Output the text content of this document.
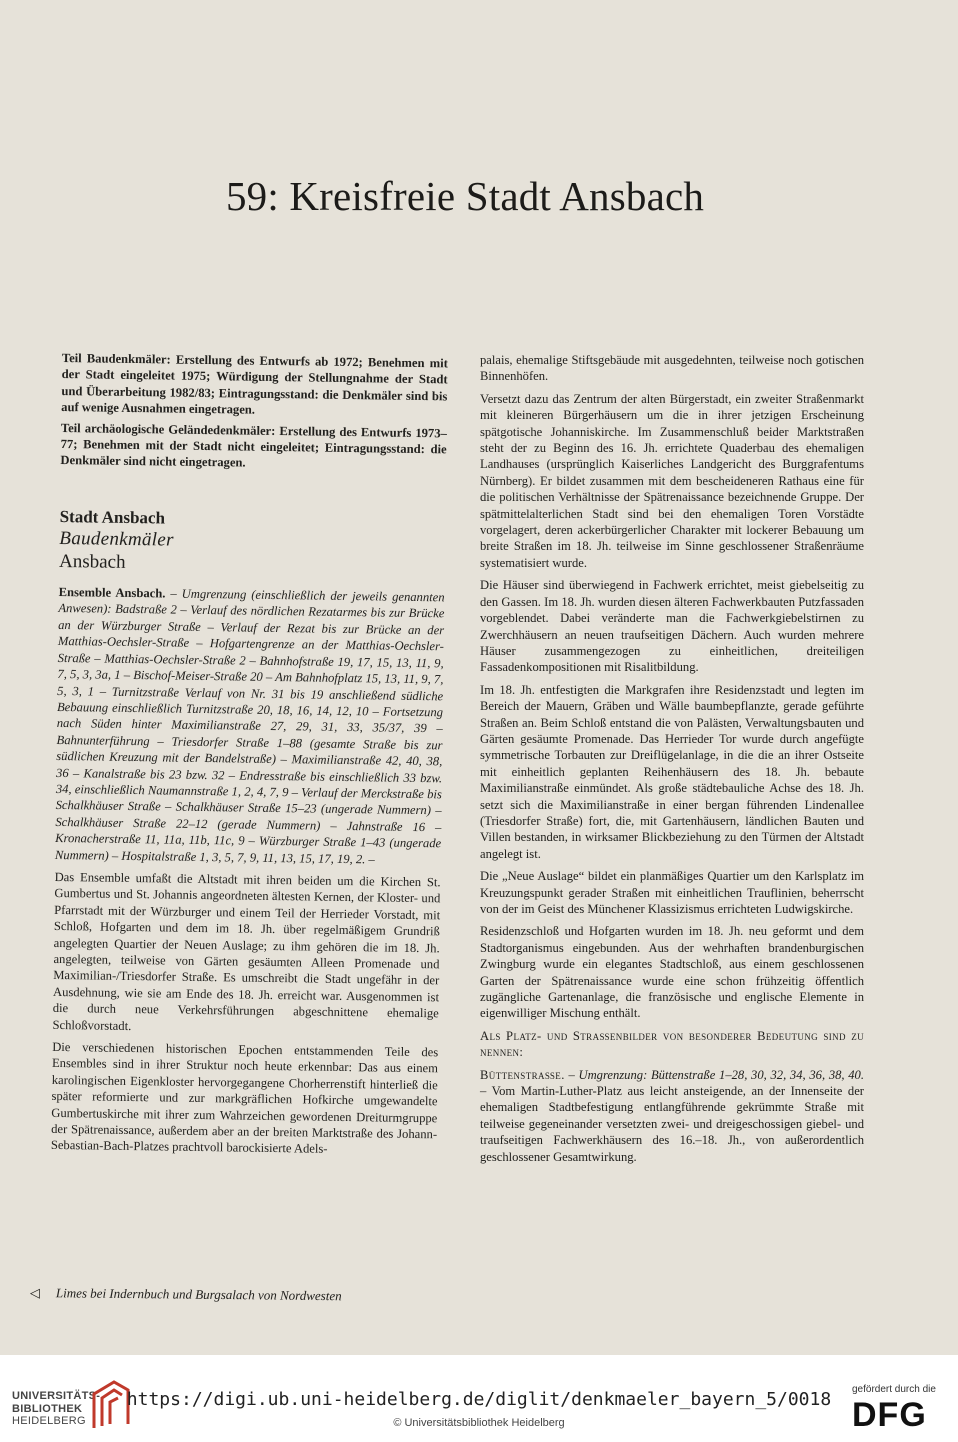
59: Kreisfreie Stadt Ansbach

Teil Baudenkmäler: Erstellung des Entwurfs ab 1972; Benehmen mit der Stadt eingeleitet 1975; Würdigung der Stellungnahme der Stadt und Überarbeitung 1982/83; Eintragungsstand: die Denkmäler sind bis auf wenige Ausnahmen eingetragen.

Teil archäologische Geländedenkmäler: Erstellung des Entwurfs 1973–77; Benehmen mit der Stadt nicht eingeleitet; Eintragungsstand: die Denkmäler sind nicht eingetragen.

Stadt Ansbach
Baudenkmäler
Ansbach

Ensemble Ansbach. – Umgrenzung (einschließlich der jeweils genannten Anwesen): Badstraße 2 – Verlauf des nördlichen Rezatarmes bis zur Brücke an der Würzburger Straße – Verlauf der Rezat bis zur Brücke an der Matthias-Oechsler-Straße – Hofgartengrenze an der Matthias-Oechsler-Straße – Matthias-Oechsler-Straße 2 – Bahnhofstraße 19, 17, 15, 13, 11, 9, 7, 5, 3, 3a, 1 – Bischof-Meiser-Straße 20 – Am Bahnhofplatz 15, 13, 11, 9, 7, 5, 3, 1 – Turnitzstraße Verlauf von Nr. 31 bis 19 anschließend südliche Bebauung einschließlich Turnitzstraße 20, 18, 16, 14, 12, 10 – Fortsetzung nach Süden hinter Maximilianstraße 27, 29, 31, 33, 35/37, 39 – Bahnunterführung – Triesdorfer Straße 1–88 (gesamte Straße bis zur südlichen Kreuzung mit der Bandelstraße) – Maximilianstraße 42, 40, 38, 36 – Kanalstraße bis 23 bzw. 32 – Endresstraße bis einschließlich 33 bzw. 34, einschließlich Naumannstraße 1, 2, 4, 7, 9 – Verlauf der Merckstraße bis Schalkhäuser Straße – Schalkhäuser Straße 15–23 (ungerade Nummern) – Schalkhäuser Straße 22–12 (gerade Nummern) – Jahnstraße 16 – Kronacherstraße 11, 11a, 11b, 11c, 9 – Würzburger Straße 1–43 (ungerade Nummern) – Hospitalstraße 1, 3, 5, 7, 9, 11, 13, 15, 17, 19, 2. –

Das Ensemble umfaßt die Altstadt mit ihren beiden um die Kirchen St. Gumbertus und St. Johannis angeordneten ältesten Kernen, der Kloster- und Pfarrstadt mit der Würzburger und einem Teil der Herrieder Vorstadt, mit Schloß, Hofgarten und dem im 18. Jh. über regelmäßigem Grundriß angelegten Quartier der Neuen Auslage; zu ihm gehören die im 18. Jh. angelegten, teilweise von Gärten gesäumten Alleen Promenade und Maximilian-/Triesdorfer Straße. Es umschreibt die Stadt ungefähr in der Ausdehnung, wie sie am Ende des 18. Jh. erreicht war. Ausgenommen ist die durch neue Verkehrsführungen abgeschnittene ehemalige Schloßvorstadt.

Die verschiedenen historischen Epochen entstammenden Teile des Ensembles sind in ihrer Struktur noch heute erkennbar: Das aus einem karolingischen Eigenkloster hervorgegangene Chorherrenstift hinterließ die später reformierte und zur markgräflichen Hofkirche umgewandelte Gumbertuskirche mit ihrer zum Wahrzeichen gewordenen Dreiturmgruppe der Spätrenaissance, außerdem aber an der breiten Marktstraße des Johann-Sebastian-Bach-Platzes prachtvoll barockisierte Adels-

palais, ehemalige Stiftsgebäude mit ausgedehnten, teilweise noch gotischen Binnenhöfen.

Versetzt dazu das Zentrum der alten Bürgerstadt, ein zweiter Straßenmarkt mit kleineren Bürgerhäusern um die in ihrer jetzigen Erscheinung spätgotische Johanniskirche. Im Zusammenschluß beider Marktstraßen steht der zu Beginn des 16. Jh. errichtete Quaderbau des ehemaligen Landhauses (ursprünglich Kaiserliches Landgericht des Burggrafentums Nürnberg). Er bildet zusammen mit dem bescheideneren Rathaus eine für die politischen Verhältnisse der Spätrenaissance bezeichnende Gruppe. Der spätmittelalterlichen Stadt sind bei den ehemaligen Toren Vorstädte vorgelagert, deren ackerbürgerlicher Charakter mit lockerer Bebauung um breite Straßen im 18. Jh. teilweise im Sinne geschlossener Straßenräume systematisiert wurde.

Die Häuser sind überwiegend in Fachwerk errichtet, meist giebelseitig zu den Gassen. Im 18. Jh. wurden diesen älteren Fachwerkbauten Putzfassaden vorgeblendet. Dabei veränderte man die Fachwerkgiebelstirnen zu Zwerchhäusern an neuen traufseitigen Dächern. Auch wurden mehrere Häuser zusammengezogen zu einheitlichen, dreiteiligen Fassadenkompositionen mit Risalitbildung.

Im 18. Jh. entfestigten die Markgrafen ihre Residenzstadt und legten im Bereich der Mauern, Gräben und Wälle baumbepflanzte, gerade geführte Straßen an. Beim Schloß entstand die von Palästen, Verwaltungsbauten und Gärten gesäumte Promenade. Das Herrieder Tor wurde durch angefügte symmetrische Torbauten zur Dreiflügelanlage, in die die an ihrer Ostseite mit einheitlich geplanten Reihenhäusern des 18. Jh. bebaute Maximilianstraße einmündet. Als große städtebauliche Achse des 18. Jh. setzt sich die Maximilianstraße in einer bergan führenden Lindenallee (Triesdorfer Straße) fort, die, mit Gartenhäusern, ländlichen Bauten und Villen bestanden, in wirksamer Blickbeziehung zu den Türmen der Altstadt angelegt ist.

Die „Neue Auslage“ bildet ein planmäßiges Quartier um den Karlsplatz im Kreuzungspunkt gerader Straßen mit einheitlichen Trauflinien, beherrscht von der im Geist des Münchener Klassizismus errichteten Ludwigskirche.

Residenzschloß und Hofgarten wurden im 18. Jh. neu geformt und dem Stadtorganismus eingebunden. Aus der wehrhaften brandenburgischen Zwingburg wurde ein elegantes Stadtschloß, aus einem geschlossenen Garten der Spätrenaissance wurde eine schon frühzeitig öffentlich zugängliche Gartenanlage, die französische und englische Elemente in eigenwilliger Mischung enthält.

Als Platz- und Straßenbilder von besonderer Bedeutung sind zu nennen:

Büttenstraße. – Umgrenzung: Büttenstraße 1–28, 30, 32, 34, 36, 38, 40. – Vom Martin-Luther-Platz aus leicht ansteigende, an der Innenseite der ehemaligen Stadtbefestigung entlangführende gekrümmte Straße mit teilweise gegeneinander versetzten zwei- und dreigeschossigen giebel- und traufseitigen Fachwerkhäusern des 16.–18. Jh., von außerordentlich geschlossener Gesamtwirkung.

◁ Limes bei Indernbuch und Burgsalach von Nordwesten
UNIVERSITÄTS-
BIBLIOTHEK
HEIDELBERG
https://digi.ub.uni-heidelberg.de/diglit/denkmaeler_bayern_5/0018
© Universitätsbibliothek Heidelberg
gefördert durch die
DFG
